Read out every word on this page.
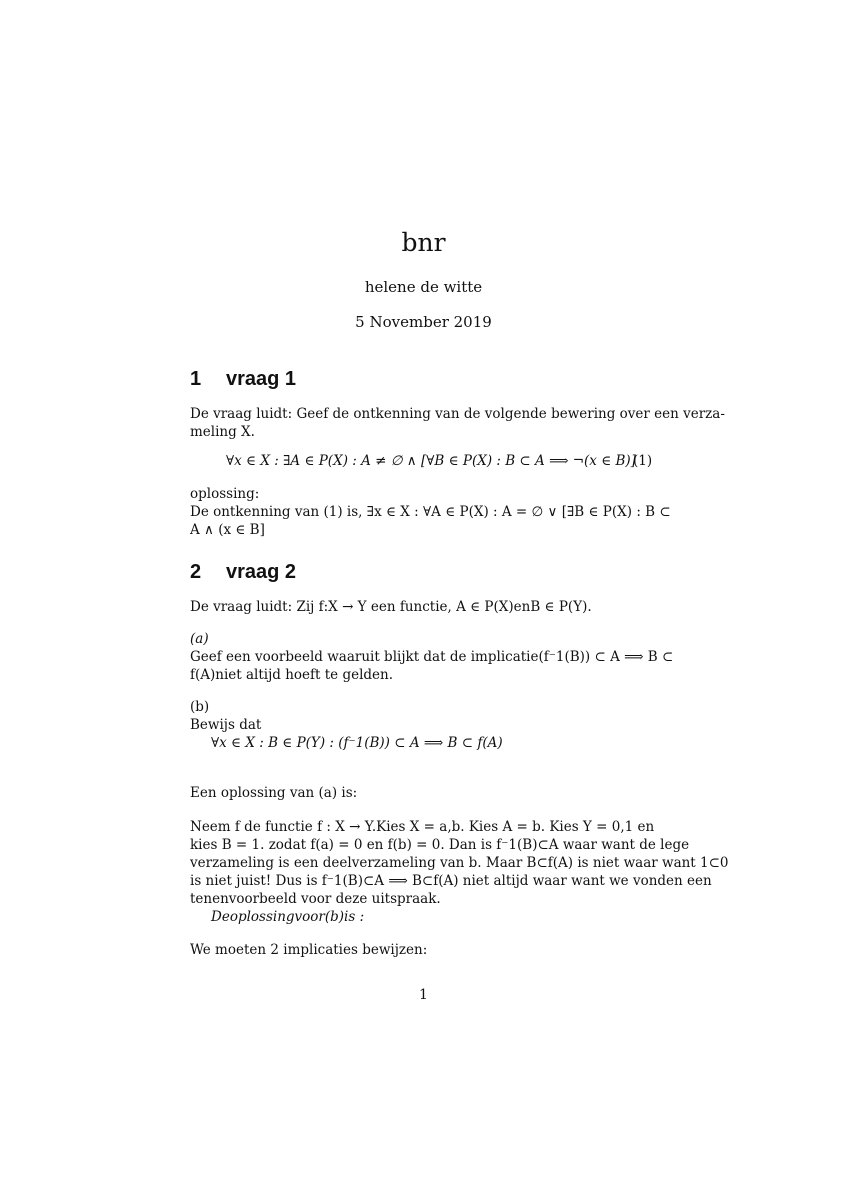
bnr
helene de witte
5 November 2019
1 vraag 1
De vraag luidt: Geef de ontkenning van de volgende bewering over een verza-
meling X.
∀x ∈ X : ∃A ∈ P(X) : A ≠ ∅ ∧ [∀B ∈ P(X) : B ⊂ A ⟹ ¬(x ∈ B)]
(1)
oplossing:
De ontkenning van (1) is, ∃x ∈ X : ∀A ∈ P(X) : A = ∅ ∨ [∃B ∈ P(X) : B ⊂
A ∧ (x ∈ B]
2 vraag 2
De vraag luidt: Zij f:X → Y een functie, A ∈ P(X)enB ∈ P(Y).
(a)
Geef een voorbeeld waaruit blijkt dat de implicatie(f⁻1(B)) ⊂ A ⟹ B ⊂
f(A)niet altijd hoeft te gelden.
(b)
Bewijs dat
∀x ∈ X : B ∈ P(Y) : (f⁻1(B)) ⊂ A ⟹ B ⊂ f(A)
Een oplossing van (a) is:
Neem f de functie f : X → Y.Kies X = a,b. Kies A = b. Kies Y = 0,1 en
kies B = 1. zodat f(a) = 0 en f(b) = 0. Dan is f⁻1(B)⊂A waar want de lege
verzameling is een deelverzameling van b. Maar B⊂f(A) is niet waar want 1⊂0
is niet juist! Dus is f⁻1(B)⊂A ⟹ B⊂f(A) niet altijd waar want we vonden een
tenenvoorbeeld voor deze uitspraak.
Deoplossingvoor(b)is :
We moeten 2 implicaties bewijzen:
1
